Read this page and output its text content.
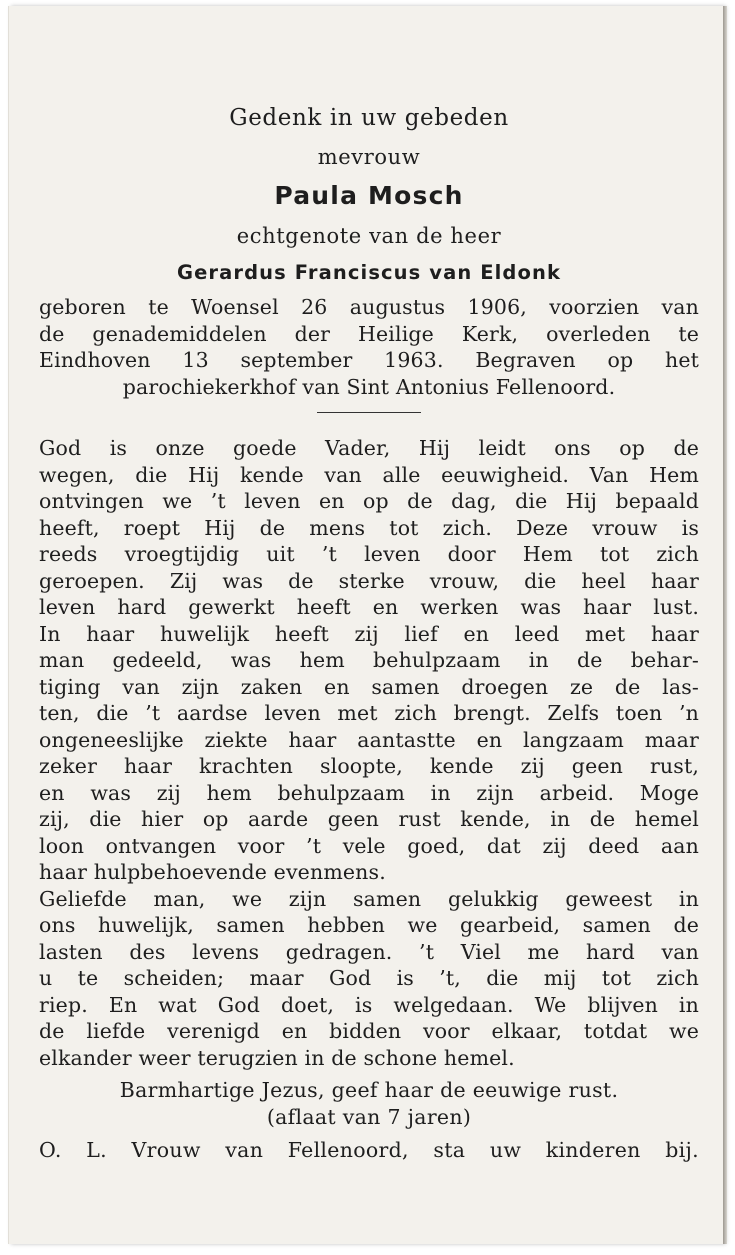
Gedenk in uw gebeden

mevrouw

Paula Mosch

echtgenote van de heer

Gerardus Franciscus van Eldonk

geboren te Woensel 26 augustus 1906, voorzien van

de genademiddelen der Heilige Kerk, overleden te

Eindhoven 13 september 1963. Begraven op het

parochiekerkhof van Sint Antonius Fellenoord.

God is onze goede Vader, Hij leidt ons op de

wegen, die Hij kende van alle eeuwigheid. Van Hem

ontvingen we ’t leven en op de dag, die Hij bepaald

heeft, roept Hij de mens tot zich. Deze vrouw is

reeds vroegtijdig uit ’t leven door Hem tot zich

geroepen. Zij was de sterke vrouw, die heel haar

leven hard gewerkt heeft en werken was haar lust.

In haar huwelijk heeft zij lief en leed met haar

man gedeeld, was hem behulpzaam in de behar-

tiging van zijn zaken en samen droegen ze de las-

ten, die ’t aardse leven met zich brengt. Zelfs toen ’n

ongeneeslijke ziekte haar aantastte en langzaam maar

zeker haar krachten sloopte, kende zij geen rust,

en was zij hem behulpzaam in zijn arbeid. Moge

zij, die hier op aarde geen rust kende, in de hemel

loon ontvangen voor ’t vele goed, dat zij deed aan

haar hulpbehoevende evenmens.

Geliefde man, we zijn samen gelukkig geweest in

ons huwelijk, samen hebben we gearbeid, samen de

lasten des levens gedragen. ’t Viel me hard van

u te scheiden; maar God is ’t, die mij tot zich

riep. En wat God doet, is welgedaan. We blijven in

de liefde verenigd en bidden voor elkaar, totdat we

elkander weer terugzien in de schone hemel.

Barmhartige Jezus, geef haar de eeuwige rust.

(aflaat van 7 jaren)

O. L. Vrouw van Fellenoord, sta uw kinderen bij.
